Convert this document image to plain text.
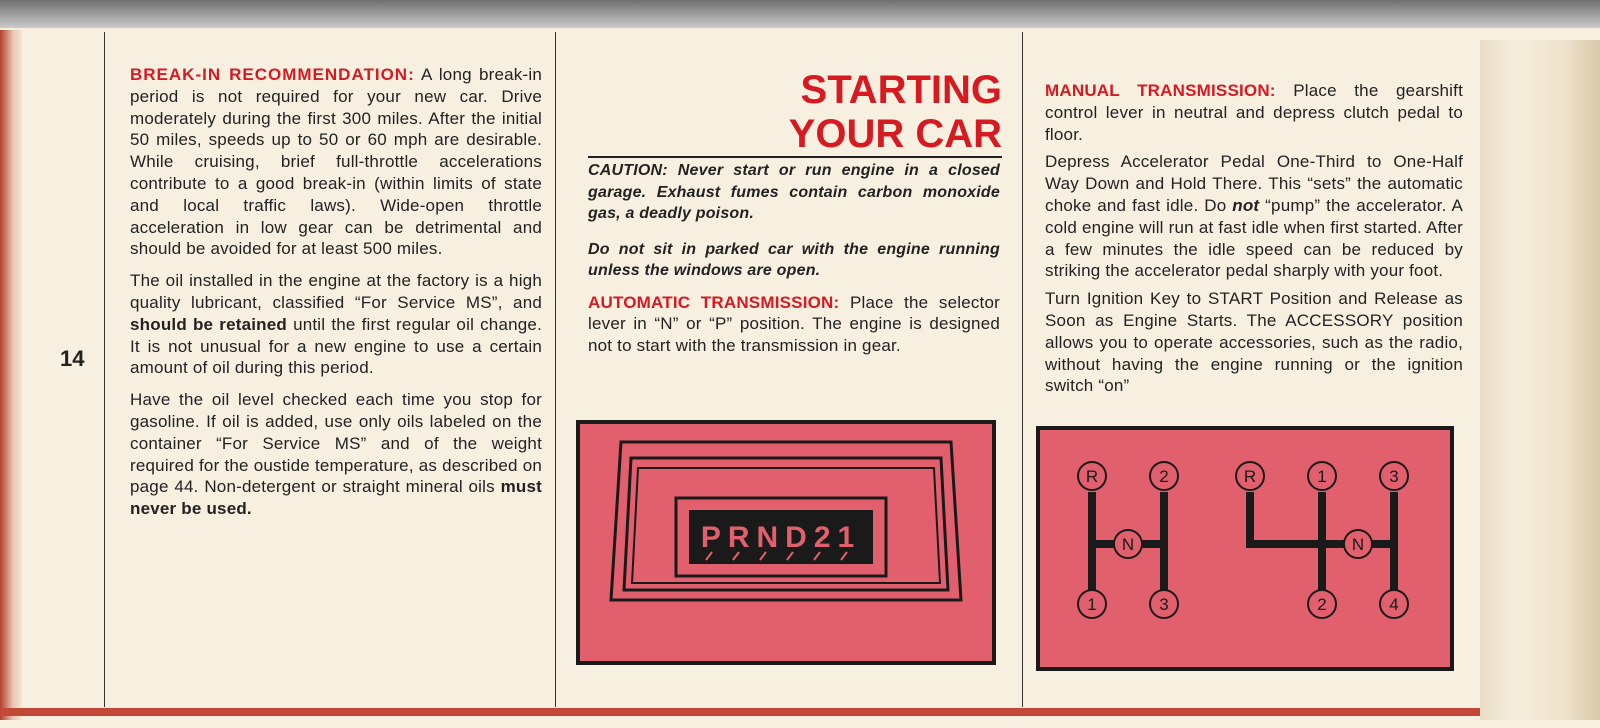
14

BREAK-IN RECOMMENDATION: A long break-in period is not required for your new car. Drive moderately during the first 300 miles. After the initial 50 miles, speeds up to 50 or 60 mph are desirable. While cruising, brief full-throttle accelerations contribute to a good break-in (within limits of state and local traffic laws). Wide-open throttle acceleration in low gear can be detrimental and should be avoided for at least 500 miles.

The oil installed in the engine at the factory is a high quality lubricant, classified “For Service MS”, and should be retained until the first regular oil change. It is not unusual for a new engine to use a certain amount of oil during this period.

Have the oil level checked each time you stop for gasoline. If oil is added, use only oils labeled on the container “For Service MS” and of the weight required for the oustide temperature, as described on page 44. Non-detergent or straight mineral oils must never be used.

STARTING
YOUR CAR

CAUTION: Never start or run engine in a closed garage. Exhaust fumes contain carbon monoxide gas, a deadly poison.

Do not sit in parked car with the engine running unless the windows are open.

AUTOMATIC TRANSMISSION: Place the selector lever in “N” or “P” position. The engine is designed not to start with the transmission in gear.

PRND21

MANUAL TRANSMISSION: Place the gearshift control lever in neutral and depress clutch pedal to floor.

Depress Accelerator Pedal One-Third to One-Half Way Down and Hold There. This “sets” the automatic choke and fast idle. Do not “pump” the accelerator. A cold engine will run at fast idle when first started. After a few minutes the idle speed can be reduced by striking the accelerator pedal sharply with your foot.

Turn Ignition Key to START Position and Release as Soon as Engine Starts. The ACCESSORY position allows you to operate accessories, such as the radio, without having the engine running or the ignition switch “on”

R	2
N
1	3
R	1	3
N
2	4
